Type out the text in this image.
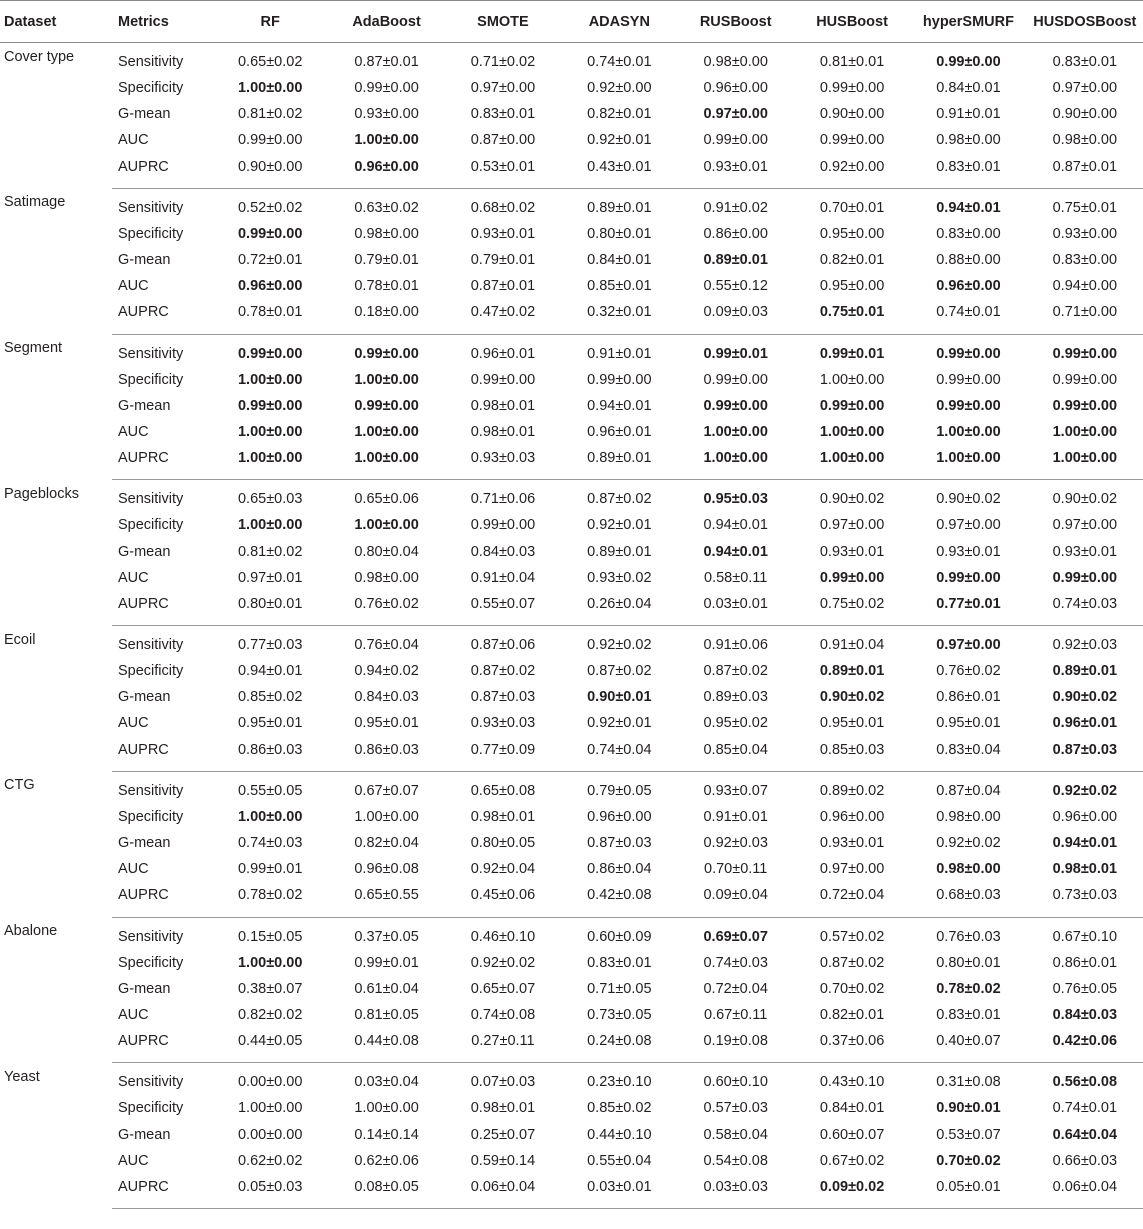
Dataset	Metrics	RF	AdaBoost	SMOTE	ADASYN	RUSBoost	HUSBoost	hyperSMURF	HUSDOSBoost
Cover type	Sensitivity	0.65±0.02	0.87±0.01	0.71±0.02	0.74±0.01	0.98±0.00	0.81±0.01	0.99±0.00	0.83±0.01
	Specificity	1.00±0.00	0.99±0.00	0.97±0.00	0.92±0.00	0.96±0.00	0.99±0.00	0.84±0.01	0.97±0.00
	G-mean	0.81±0.02	0.93±0.00	0.83±0.01	0.82±0.01	0.97±0.00	0.90±0.00	0.91±0.01	0.90±0.00
	AUC	0.99±0.00	1.00±0.00	0.87±0.00	0.92±0.01	0.99±0.00	0.99±0.00	0.98±0.00	0.98±0.00
	AUPRC	0.90±0.00	0.96±0.00	0.53±0.01	0.43±0.01	0.93±0.01	0.92±0.00	0.83±0.01	0.87±0.01
Satimage	Sensitivity	0.52±0.02	0.63±0.02	0.68±0.02	0.89±0.01	0.91±0.02	0.70±0.01	0.94±0.01	0.75±0.01
	Specificity	0.99±0.00	0.98±0.00	0.93±0.01	0.80±0.01	0.86±0.00	0.95±0.00	0.83±0.00	0.93±0.00
	G-mean	0.72±0.01	0.79±0.01	0.79±0.01	0.84±0.01	0.89±0.01	0.82±0.01	0.88±0.00	0.83±0.00
	AUC	0.96±0.00	0.78±0.01	0.87±0.01	0.85±0.01	0.55±0.12	0.95±0.00	0.96±0.00	0.94±0.00
	AUPRC	0.78±0.01	0.18±0.00	0.47±0.02	0.32±0.01	0.09±0.03	0.75±0.01	0.74±0.01	0.71±0.00
Segment	Sensitivity	0.99±0.00	0.99±0.00	0.96±0.01	0.91±0.01	0.99±0.01	0.99±0.01	0.99±0.00	0.99±0.00
	Specificity	1.00±0.00	1.00±0.00	0.99±0.00	0.99±0.00	0.99±0.00	1.00±0.00	0.99±0.00	0.99±0.00
	G-mean	0.99±0.00	0.99±0.00	0.98±0.01	0.94±0.01	0.99±0.00	0.99±0.00	0.99±0.00	0.99±0.00
	AUC	1.00±0.00	1.00±0.00	0.98±0.01	0.96±0.01	1.00±0.00	1.00±0.00	1.00±0.00	1.00±0.00
	AUPRC	1.00±0.00	1.00±0.00	0.93±0.03	0.89±0.01	1.00±0.00	1.00±0.00	1.00±0.00	1.00±0.00
Pageblocks	Sensitivity	0.65±0.03	0.65±0.06	0.71±0.06	0.87±0.02	0.95±0.03	0.90±0.02	0.90±0.02	0.90±0.02
	Specificity	1.00±0.00	1.00±0.00	0.99±0.00	0.92±0.01	0.94±0.01	0.97±0.00	0.97±0.00	0.97±0.00
	G-mean	0.81±0.02	0.80±0.04	0.84±0.03	0.89±0.01	0.94±0.01	0.93±0.01	0.93±0.01	0.93±0.01
	AUC	0.97±0.01	0.98±0.00	0.91±0.04	0.93±0.02	0.58±0.11	0.99±0.00	0.99±0.00	0.99±0.00
	AUPRC	0.80±0.01	0.76±0.02	0.55±0.07	0.26±0.04	0.03±0.01	0.75±0.02	0.77±0.01	0.74±0.03
Ecoil	Sensitivity	0.77±0.03	0.76±0.04	0.87±0.06	0.92±0.02	0.91±0.06	0.91±0.04	0.97±0.00	0.92±0.03
	Specificity	0.94±0.01	0.94±0.02	0.87±0.02	0.87±0.02	0.87±0.02	0.89±0.01	0.76±0.02	0.89±0.01
	G-mean	0.85±0.02	0.84±0.03	0.87±0.03	0.90±0.01	0.89±0.03	0.90±0.02	0.86±0.01	0.90±0.02
	AUC	0.95±0.01	0.95±0.01	0.93±0.03	0.92±0.01	0.95±0.02	0.95±0.01	0.95±0.01	0.96±0.01
	AUPRC	0.86±0.03	0.86±0.03	0.77±0.09	0.74±0.04	0.85±0.04	0.85±0.03	0.83±0.04	0.87±0.03
CTG	Sensitivity	0.55±0.05	0.67±0.07	0.65±0.08	0.79±0.05	0.93±0.07	0.89±0.02	0.87±0.04	0.92±0.02
	Specificity	1.00±0.00	1.00±0.00	0.98±0.01	0.96±0.00	0.91±0.01	0.96±0.00	0.98±0.00	0.96±0.00
	G-mean	0.74±0.03	0.82±0.04	0.80±0.05	0.87±0.03	0.92±0.03	0.93±0.01	0.92±0.02	0.94±0.01
	AUC	0.99±0.01	0.96±0.08	0.92±0.04	0.86±0.04	0.70±0.11	0.97±0.00	0.98±0.00	0.98±0.01
	AUPRC	0.78±0.02	0.65±0.55	0.45±0.06	0.42±0.08	0.09±0.04	0.72±0.04	0.68±0.03	0.73±0.03
Abalone	Sensitivity	0.15±0.05	0.37±0.05	0.46±0.10	0.60±0.09	0.69±0.07	0.57±0.02	0.76±0.03	0.67±0.10
	Specificity	1.00±0.00	0.99±0.01	0.92±0.02	0.83±0.01	0.74±0.03	0.87±0.02	0.80±0.01	0.86±0.01
	G-mean	0.38±0.07	0.61±0.04	0.65±0.07	0.71±0.05	0.72±0.04	0.70±0.02	0.78±0.02	0.76±0.05
	AUC	0.82±0.02	0.81±0.05	0.74±0.08	0.73±0.05	0.67±0.11	0.82±0.01	0.83±0.01	0.84±0.03
	AUPRC	0.44±0.05	0.44±0.08	0.27±0.11	0.24±0.08	0.19±0.08	0.37±0.06	0.40±0.07	0.42±0.06
Yeast	Sensitivity	0.00±0.00	0.03±0.04	0.07±0.03	0.23±0.10	0.60±0.10	0.43±0.10	0.31±0.08	0.56±0.08
	Specificity	1.00±0.00	1.00±0.00	0.98±0.01	0.85±0.02	0.57±0.03	0.84±0.01	0.90±0.01	0.74±0.01
	G-mean	0.00±0.00	0.14±0.14	0.25±0.07	0.44±0.10	0.58±0.04	0.60±0.07	0.53±0.07	0.64±0.04
	AUC	0.62±0.02	0.62±0.06	0.59±0.14	0.55±0.04	0.54±0.08	0.67±0.02	0.70±0.02	0.66±0.03
	AUPRC	0.05±0.03	0.08±0.05	0.06±0.04	0.03±0.01	0.03±0.03	0.09±0.02	0.05±0.01	0.06±0.04
